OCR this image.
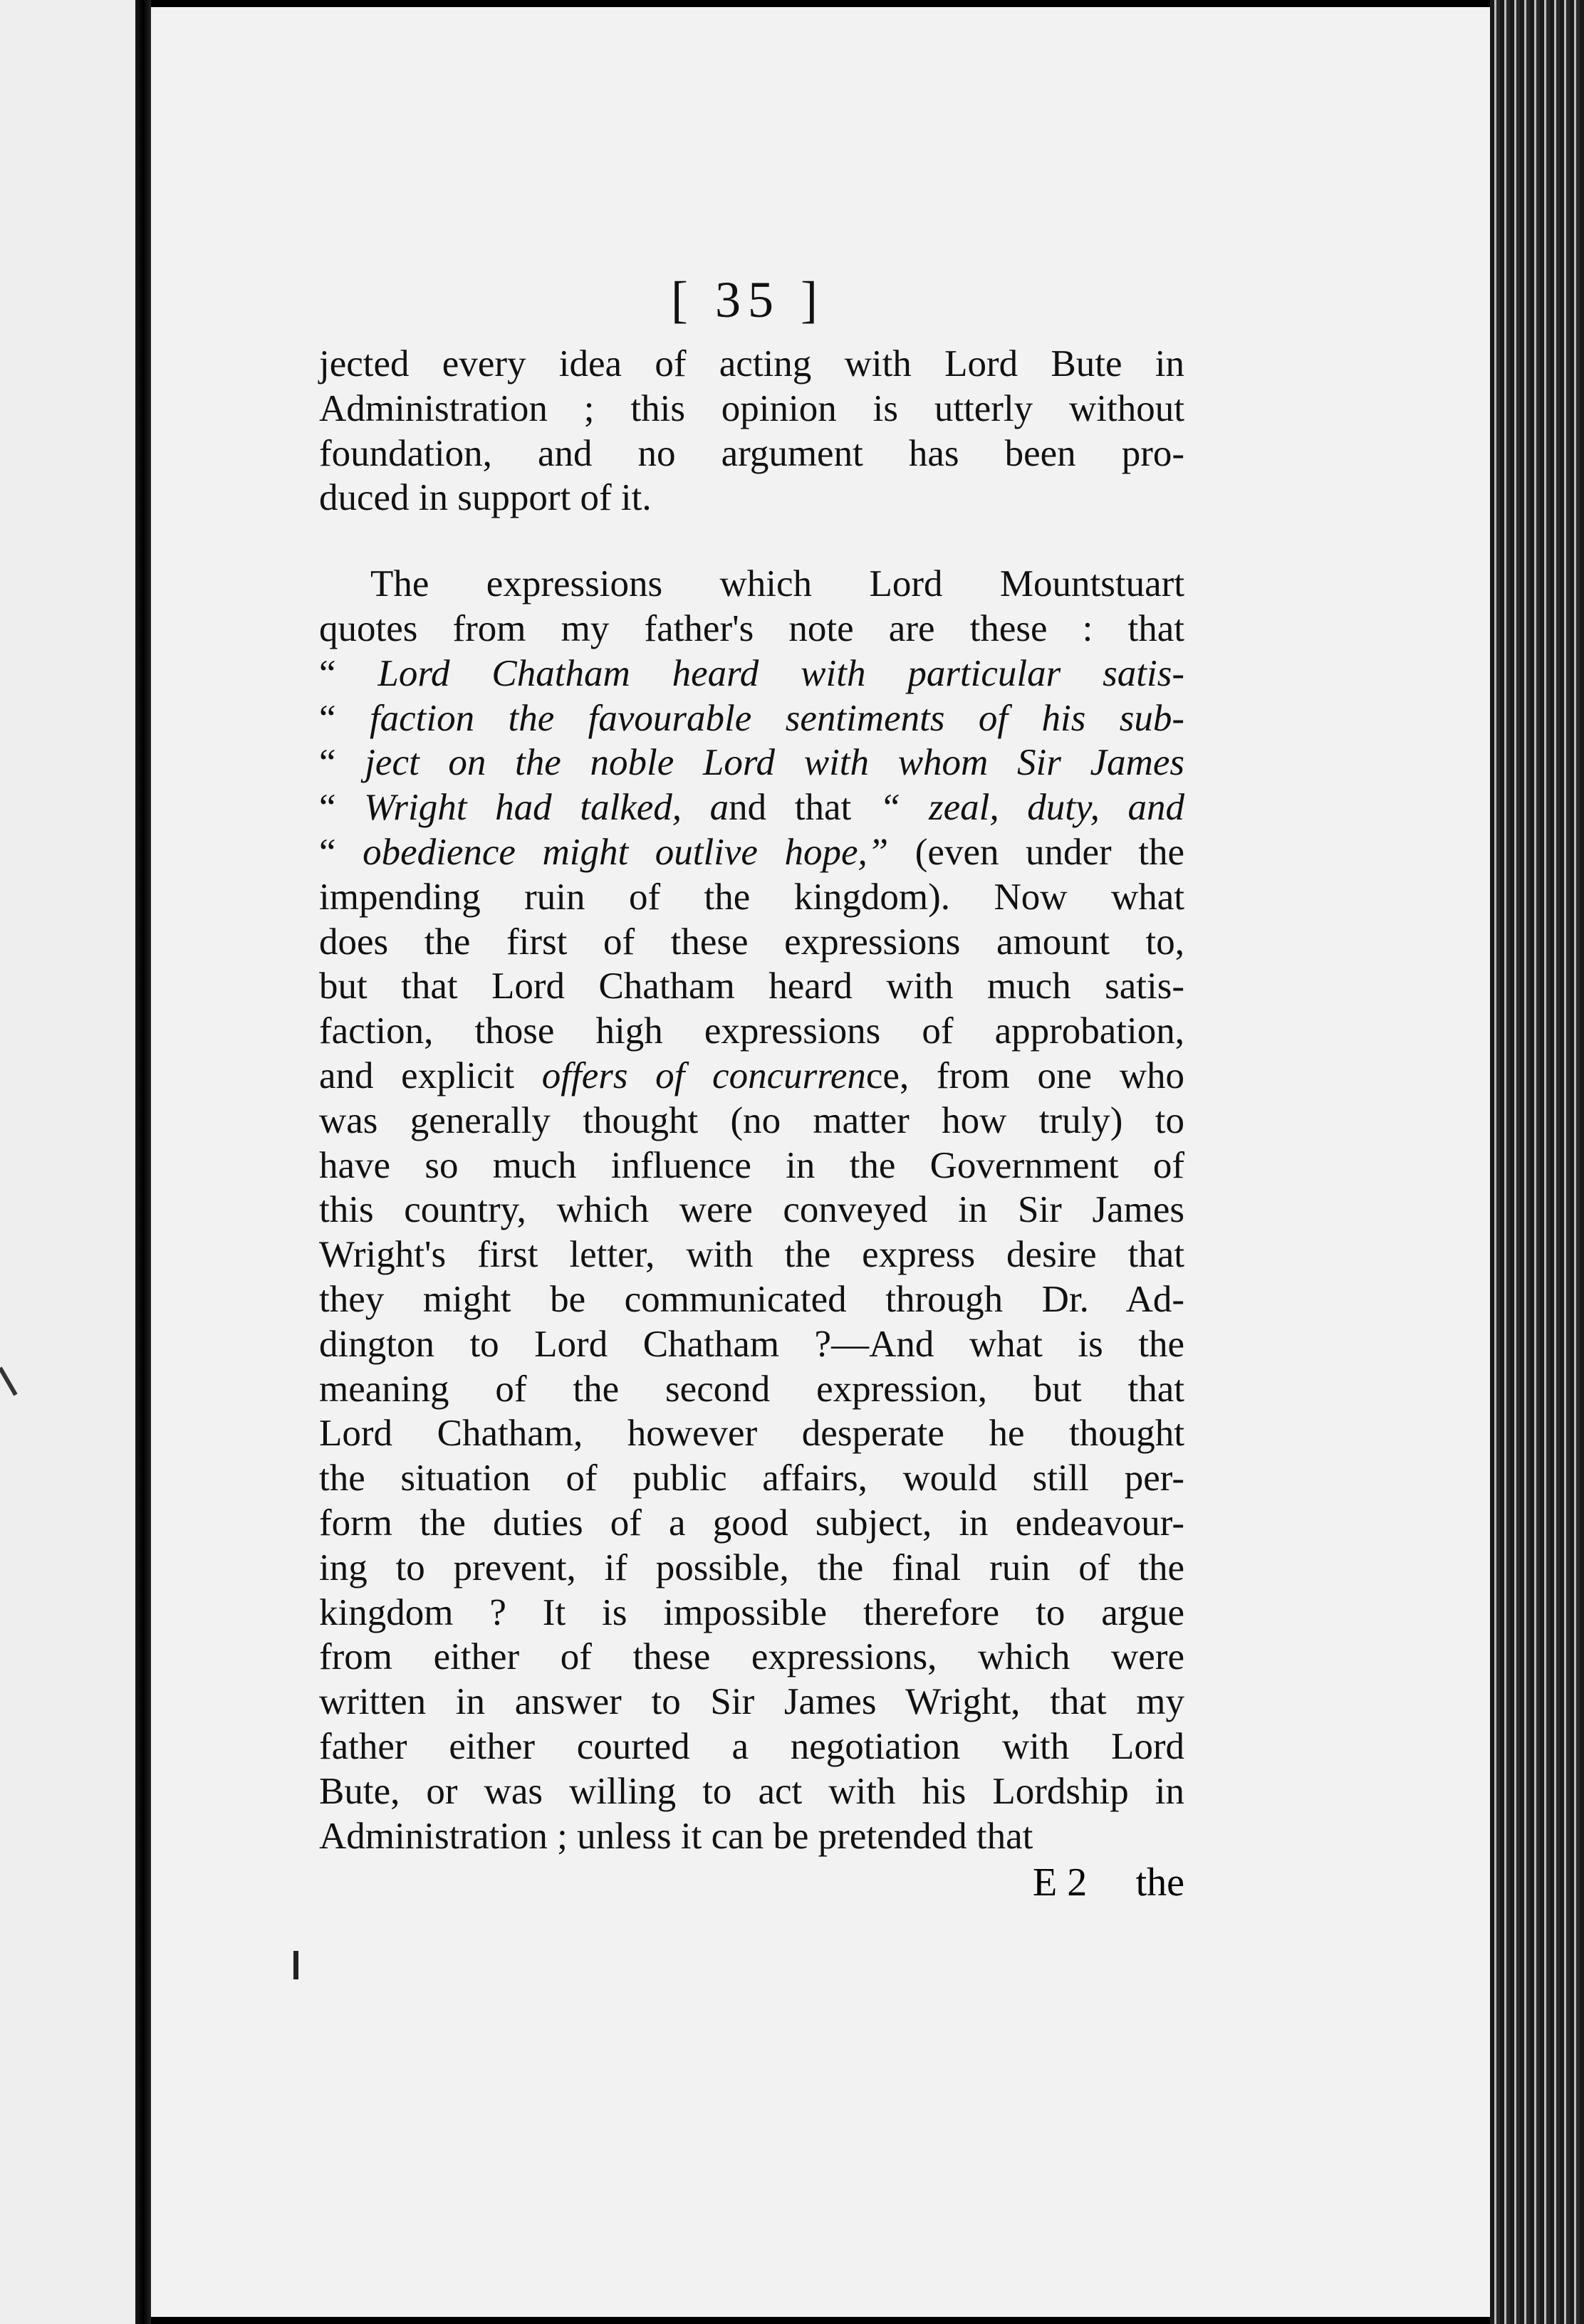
[ 35 ]
jected every idea of acting with Lord Bute in
Administration ; this opinion is utterly without
foundation, and no argument has been pro-
duced in support of it.
The expressions which Lord Mountstuart
quotes from my father's note are these : that
“ Lord Chatham heard with particular satis-
“ faction the favourable sentiments of his sub-
“ ject on the noble Lord with whom Sir James
“ Wright had talked, and that “ zeal, duty, and
“ obedience might outlive hope,” (even under the
impending ruin of the kingdom). Now what
does the first of these expressions amount to,
but that Lord Chatham heard with much satis-
faction, those high expressions of approbation,
and explicit offers of concurrence, from one who
was generally thought (no matter how truly) to
have so much influence in the Government of
this country, which were conveyed in Sir James
Wright's first letter, with the express desire that
they might be communicated through Dr. Ad-
dington to Lord Chatham ?—And what is the
meaning of the second expression, but that
Lord Chatham, however desperate he thought
the situation of public affairs, would still per-
form the duties of a good subject, in endeavour-
ing to prevent, if possible, the final ruin of the
kingdom ? It is impossible therefore to argue
from either of these expressions, which were
written in answer to Sir James Wright, that my
father either courted a negotiation with Lord
Bute, or was willing to act with his Lordship in
Administration ; unless it can be pretended that
E 2 the
